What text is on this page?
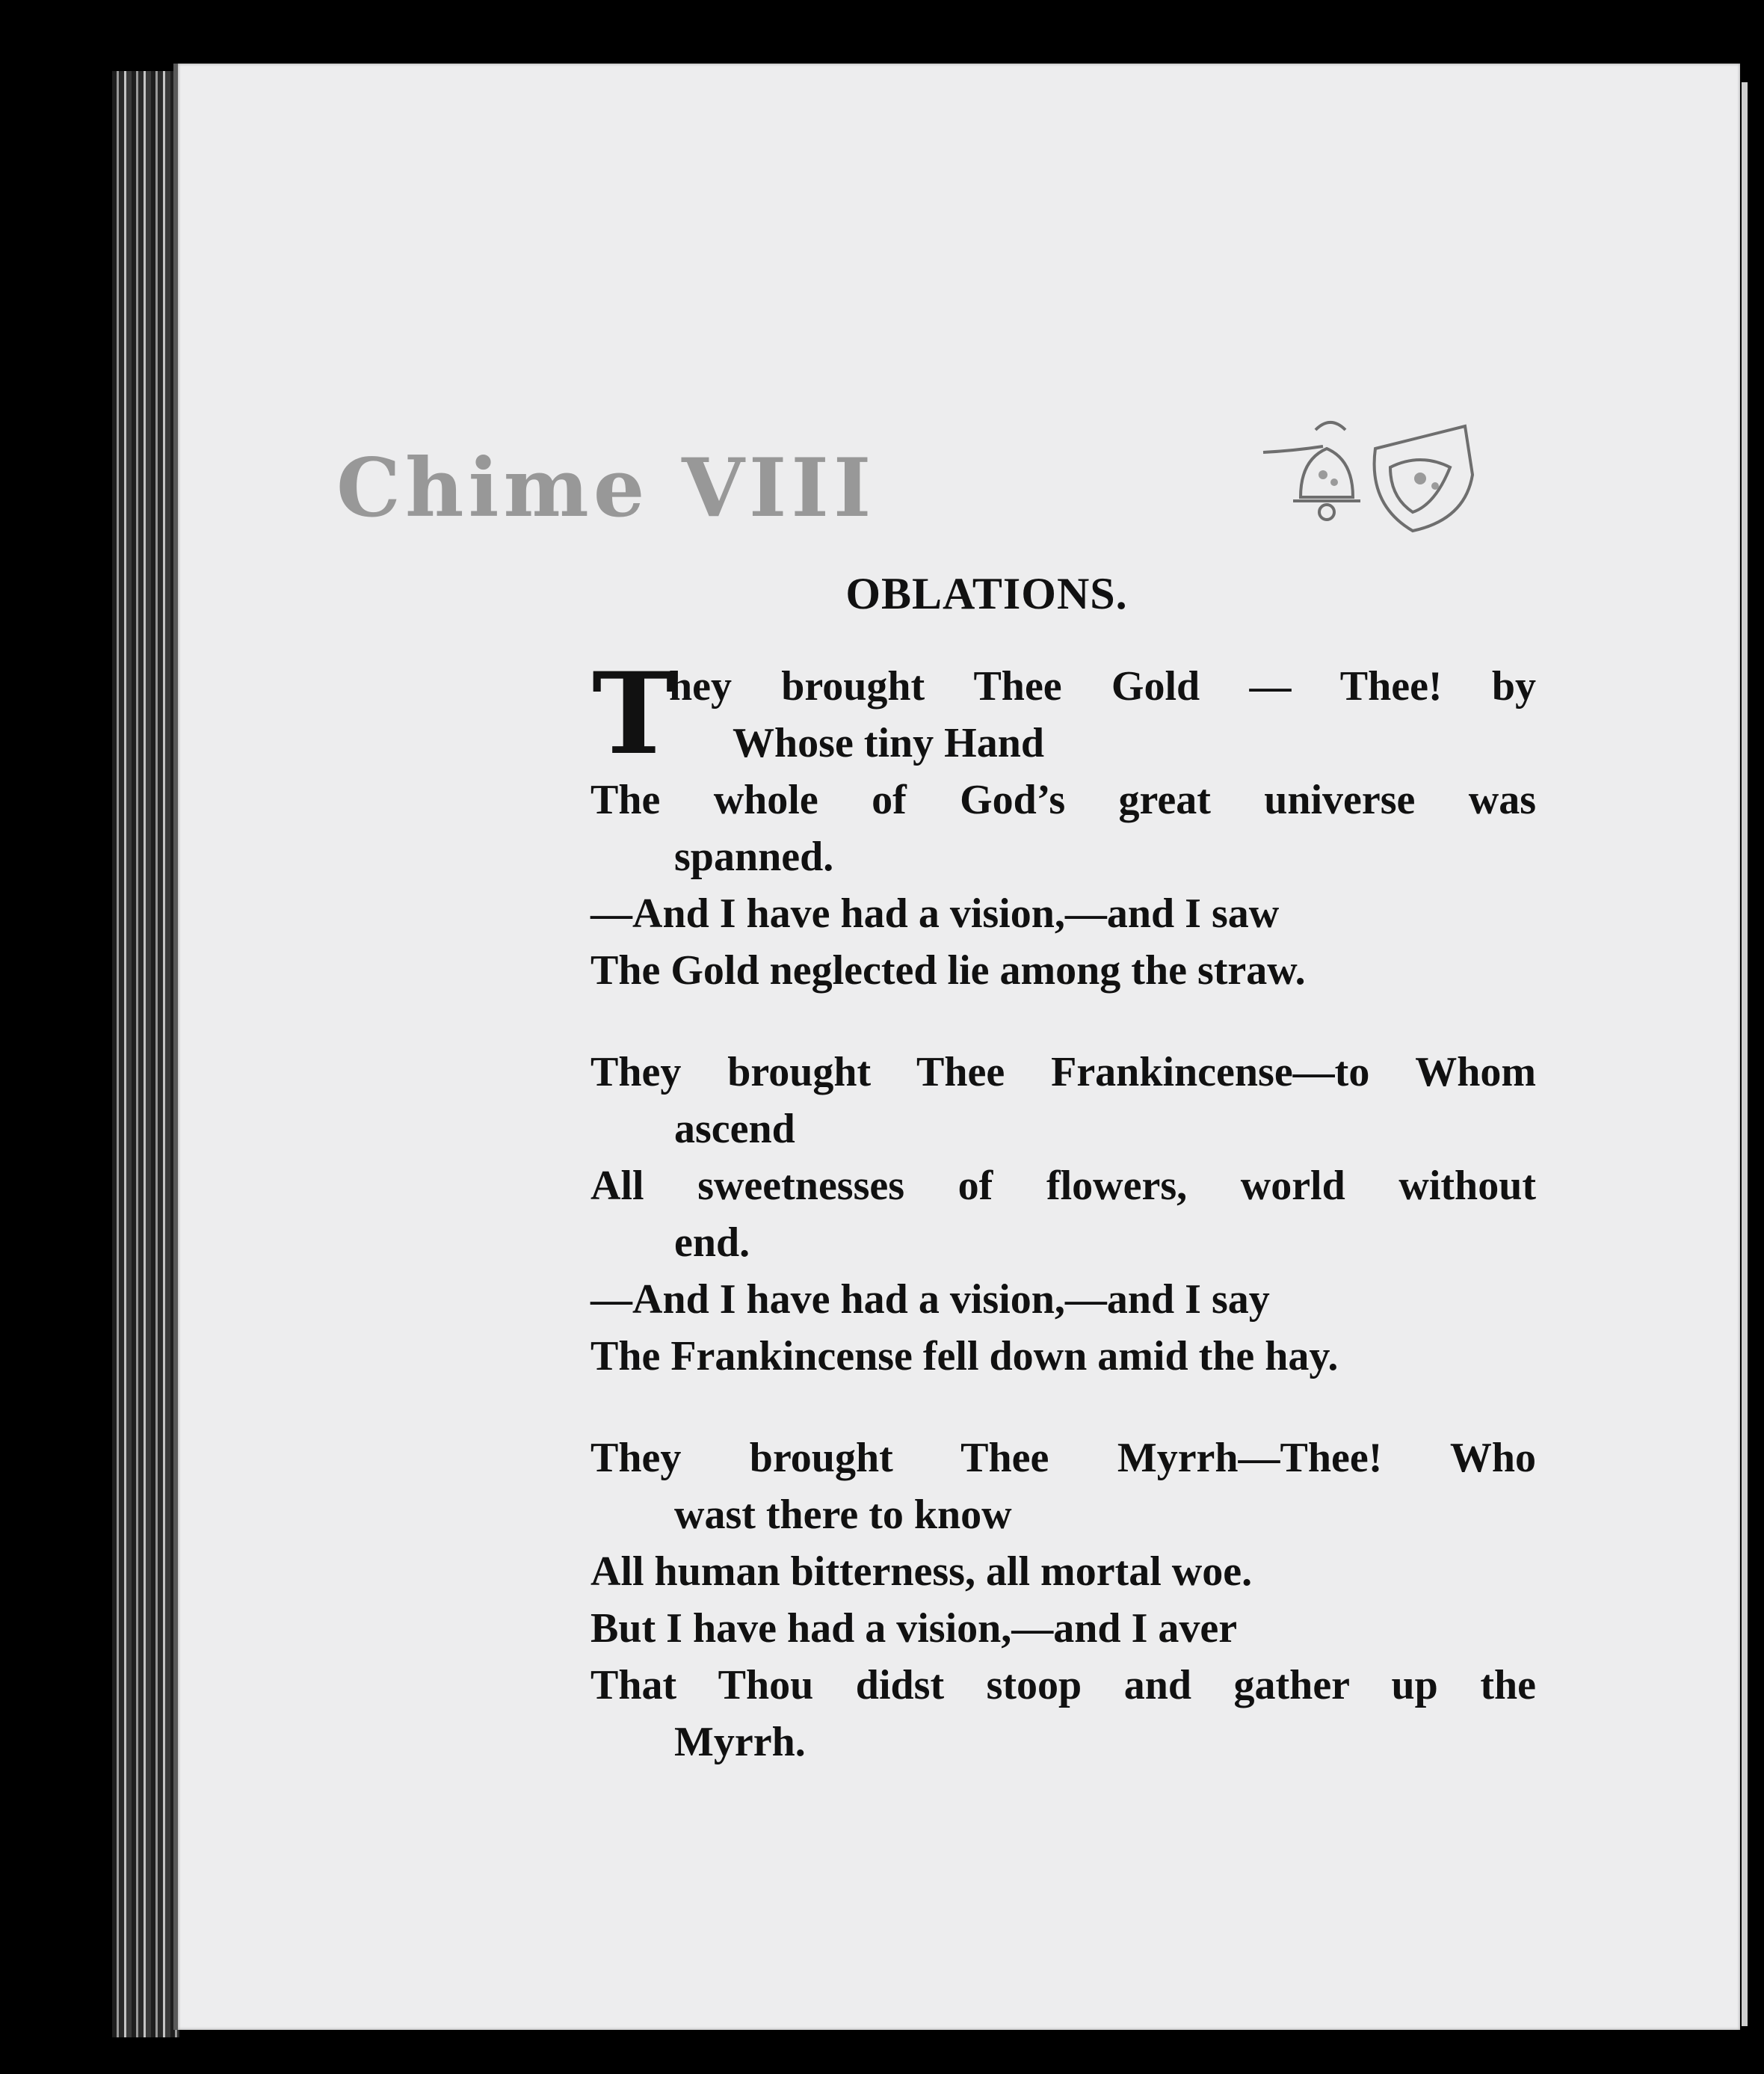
Chime VIII
OBLATIONS.
T
hey brought Thee Gold — Thee! by
Whose tiny Hand
The whole of God’s great universe was
spanned.
—And I have had a vision,—and I saw
The Gold neglected lie among the straw.
They brought Thee Frankincense—to Whom
ascend
All sweetnesses of flowers, world without
end.
—And I have had a vision,—and I say
The Frankincense fell down amid the hay.
They brought Thee Myrrh—Thee! Who
wast there to know
All human bitterness, all mortal woe.
But I have had a vision,—and I aver
That Thou didst stoop and gather up the
Myrrh.
